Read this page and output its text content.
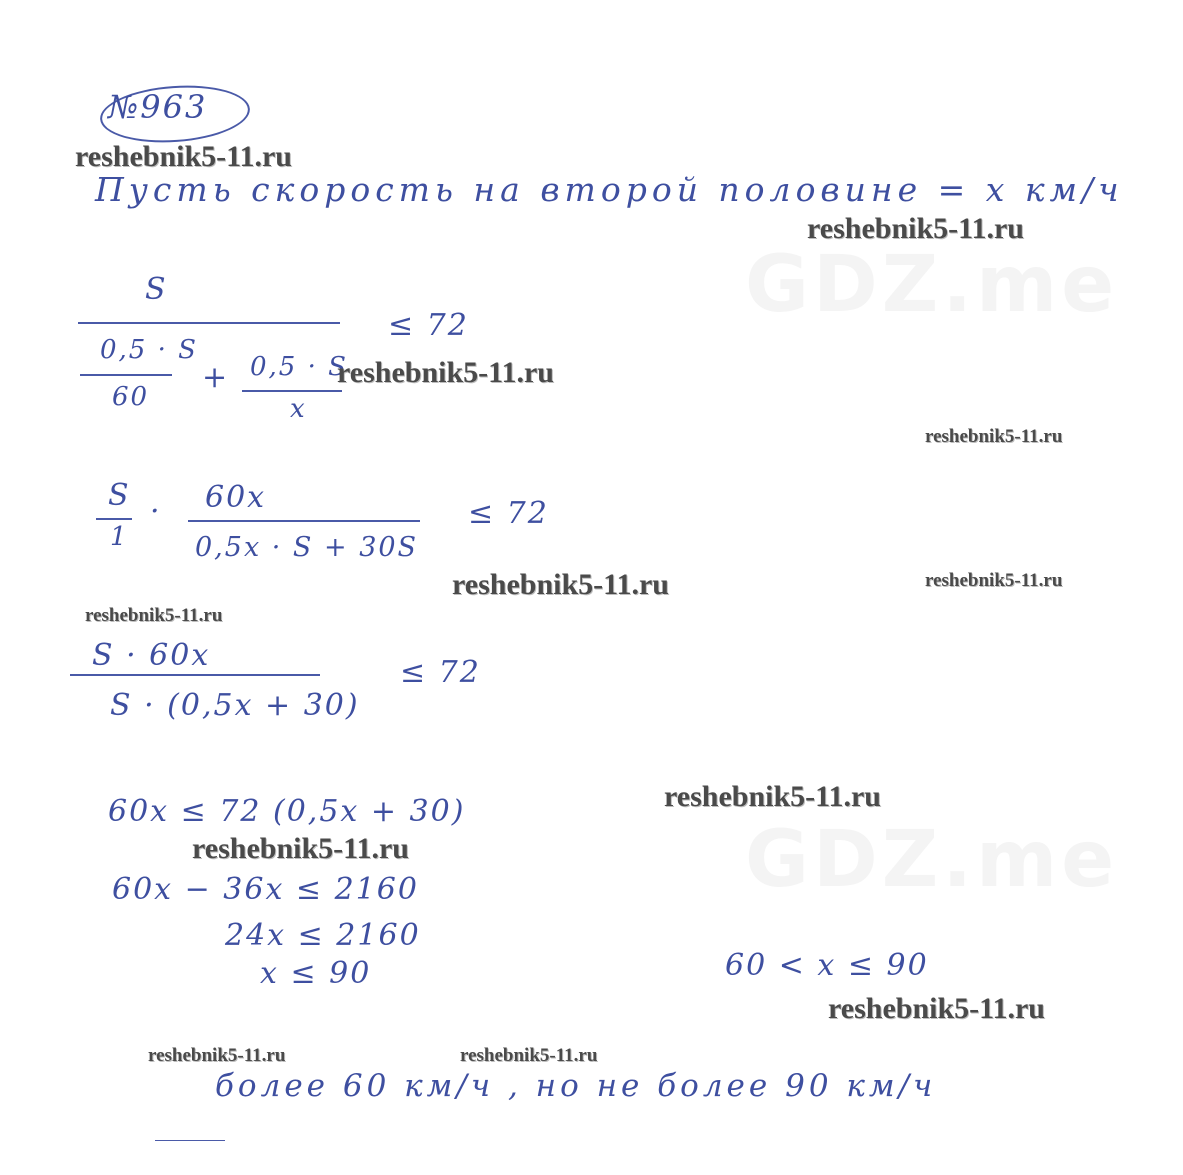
GDZ.me
GDZ.me
№963
Пусть скорость на второй половине = x км/ч
S
0,5 · S
60
+ 0,5 · S
x
≤ 72
S
1
· 60x
0,5x · S + 30S
≤ 72
S · 60x
S · (0,5x + 30)
≤ 72
60x ≤ 72 (0,5x + 30)
60x − 36x ≤ 2160
24x ≤ 2160
x ≤ 90	60 < x ≤ 90
более 60 км/ч , но не более 90 км/ч
reshebnik5-11.ru
reshebnik5-11.ru
reshebnik5-11.ru
reshebnik5-11.ru
reshebnik5-11.ru	reshebnik5-11.ru
reshebnik5-11.ru
reshebnik5-11.ru
reshebnik5-11.ru
reshebnik5-11.ru
reshebnik5-11.ru	reshebnik5-11.ru
